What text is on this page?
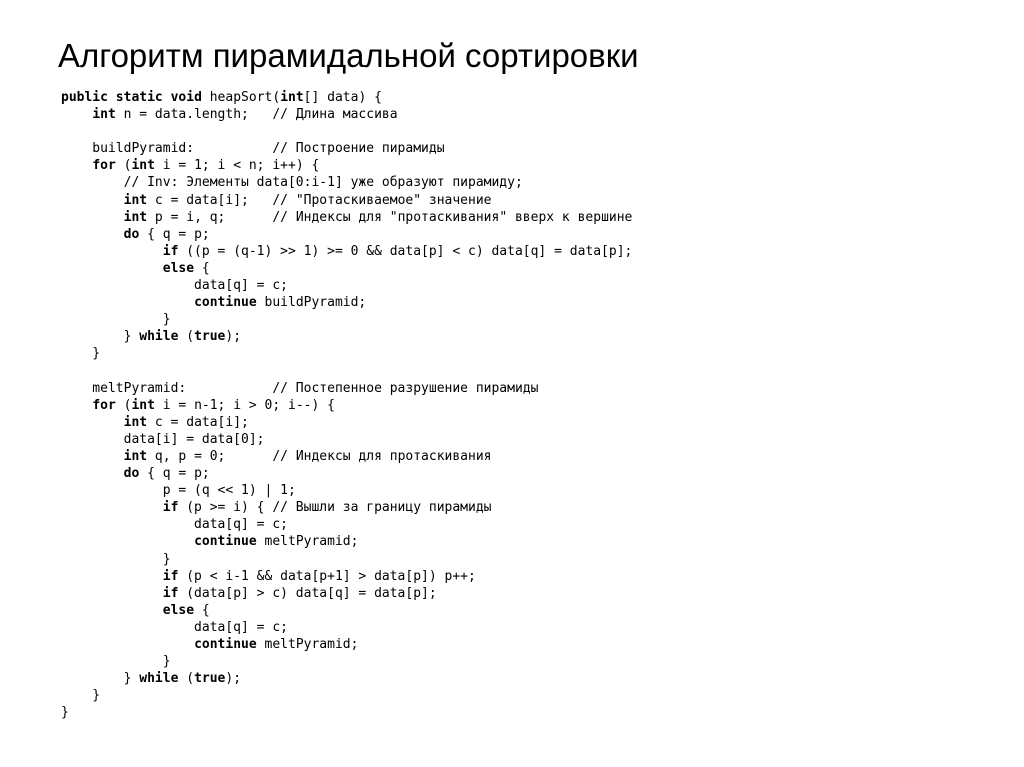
Алгоритм пирамидальной сортировки
public static void heapSort(int[] data) {
int n = data.length;   // Длина массива
buildPyramid:          // Построение пирамиды
for (int i = 1; i < n; i++) {
// Inv: Элементы data[0:i-1] уже образуют пирамиду;
int c = data[i];   // "Протаскиваемое" значение
int p = i, q;      // Индексы для "протаскивания" вверх к вершине
do { q = p;
if ((p = (q-1) >> 1) >= 0 && data[p] < c) data[q] = data[p];
else {
data[q] = c;
continue buildPyramid;
}
} while (true);
}
meltPyramid:           // Постепенное разрушение пирамиды
for (int i = n-1; i > 0; i--) {
int c = data[i];
data[i] = data[0];
int q, p = 0;      // Индексы для протаскивания
do { q = p;
p = (q << 1) | 1;
if (p >= i) { // Вышли за границу пирамиды
data[q] = c;
continue meltPyramid;
}
if (p < i-1 && data[p+1] > data[p]) p++;
if (data[p] > c) data[q] = data[p];
else {
data[q] = c;
continue meltPyramid;
}
} while (true);
}
}
